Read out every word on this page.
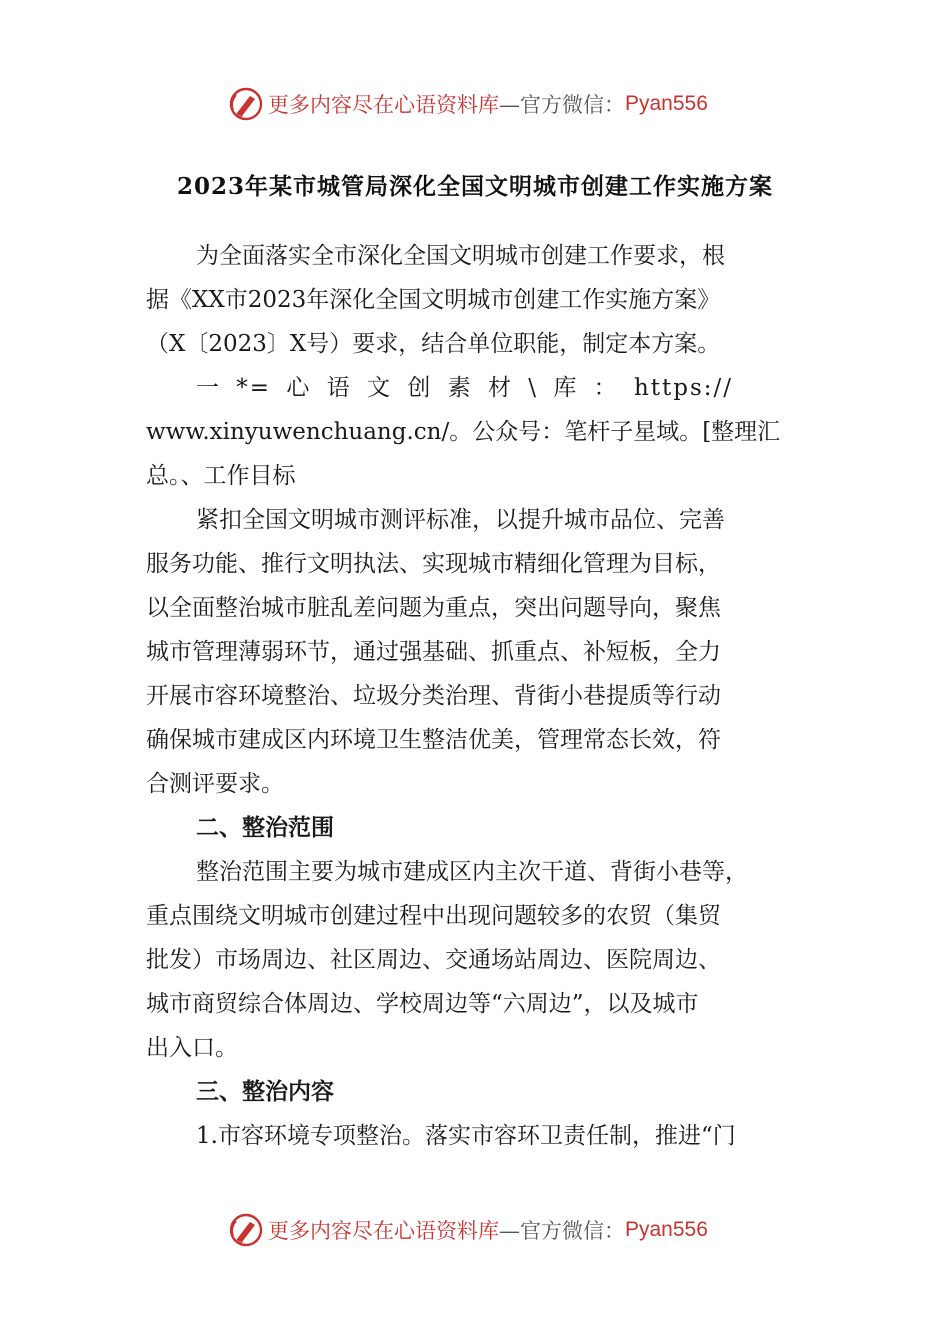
更多内容尽在心语资料库 —官方微信： Pyan556
2023年某市城管局深化全国文明城市创建工作实施方案
为全面落实全市深化全国文明城市创建工作要求，根
据《XX市2023年深化全国文明城市创建工作实施方案》
（X〔2023〕X号）要求，结合单位职能，制定本方案。
一 *= 心 语 文 创 素 材 \ 库 ： https://
www.xinyuwenchuang.cn/。公众号：笔杆子星域。[整理汇
总。、工作目标
紧扣全国文明城市测评标准，以提升城市品位、完善
服务功能、推行文明执法、实现城市精细化管理为目标，
以全面整治城市脏乱差问题为重点，突出问题导向，聚焦
城市管理薄弱环节，通过强基础、抓重点、补短板，全力
开展市容环境整治、垃圾分类治理、背街小巷提质等行动
确保城市建成区内环境卫生整洁优美，管理常态长效，符
合测评要求。
二、整治范围
整治范围主要为城市建成区内主次干道、背街小巷等，
重点围绕文明城市创建过程中出现问题较多的农贸（集贸
批发）市场周边、社区周边、交通场站周边、医院周边、
城市商贸综合体周边、学校周边等“六周边”，以及城市
出入口。
三、整治内容
1.市容环境专项整治。落实市容环卫责任制，推进“门
更多内容尽在心语资料库 —官方微信： Pyan556
